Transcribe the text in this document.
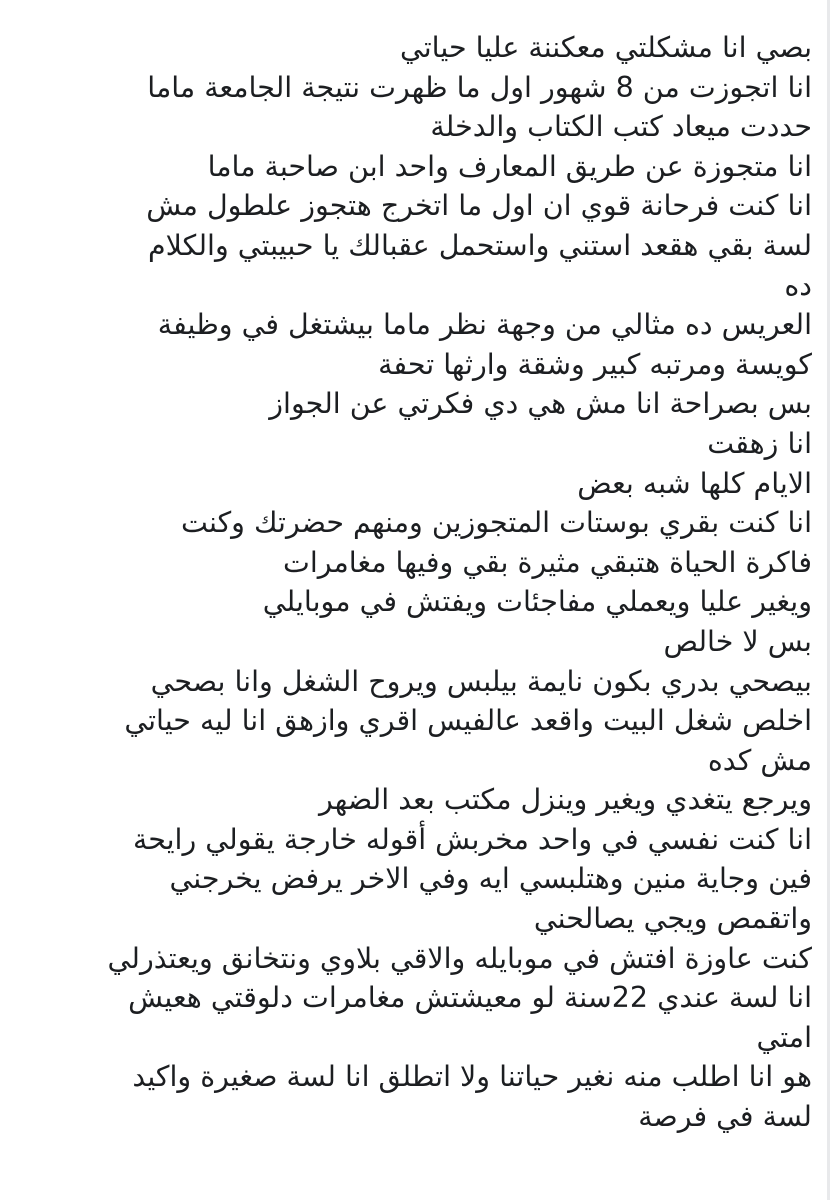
بصي انا مشكلتي معكننة عليا حياتي
انا اتجوزت من 8 شهور اول ما ظهرت نتيجة الجامعة ماما
حددت ميعاد كتب الكتاب والدخلة
انا متجوزة عن طريق المعارف واحد ابن صاحبة ماما
انا كنت فرحانة قوي ان اول ما اتخرج هتجوز علطول مش
لسة بقي هقعد استني واستحمل عقبالك يا حبيبتي والكلام
ده
العريس ده مثالي من وجهة نظر ماما بيشتغل في وظيفة
كويسة ومرتبه كبير وشقة وارثها تحفة
بس بصراحة انا مش هي دي فكرتي عن الجواز
انا زهقت
الايام كلها شبه بعض
انا كنت بقري بوستات المتجوزين ومنهم حضرتك وكنت
فاكرة الحياة هتبقي مثيرة بقي وفيها مغامرات
ويغير عليا ويعملي مفاجئات ويفتش في موبايلي
بس لا خالص
بيصحي بدري بكون نايمة بيلبس ويروح الشغل وانا بصحي
اخلص شغل البيت واقعد عالفيس اقري وازهق انا ليه حياتي
مش كده
ويرجع يتغدي ويغير وينزل مكتب بعد الضهر
انا كنت نفسي في واحد مخربش أقوله خارجة يقولي رايحة
فين وجاية منين وهتلبسي ايه وفي الاخر يرفض يخرجني
واتقمص ويجي يصالحني
كنت عاوزة افتش في موبايله والاقي بلاوي ونتخانق ويعتذرلي
انا لسة عندي 22سنة لو معيشتش مغامرات دلوقتي هعيش
امتي
هو انا اطلب منه نغير حياتنا ولا اتطلق انا لسة صغيرة واكيد
لسة في فرصة
